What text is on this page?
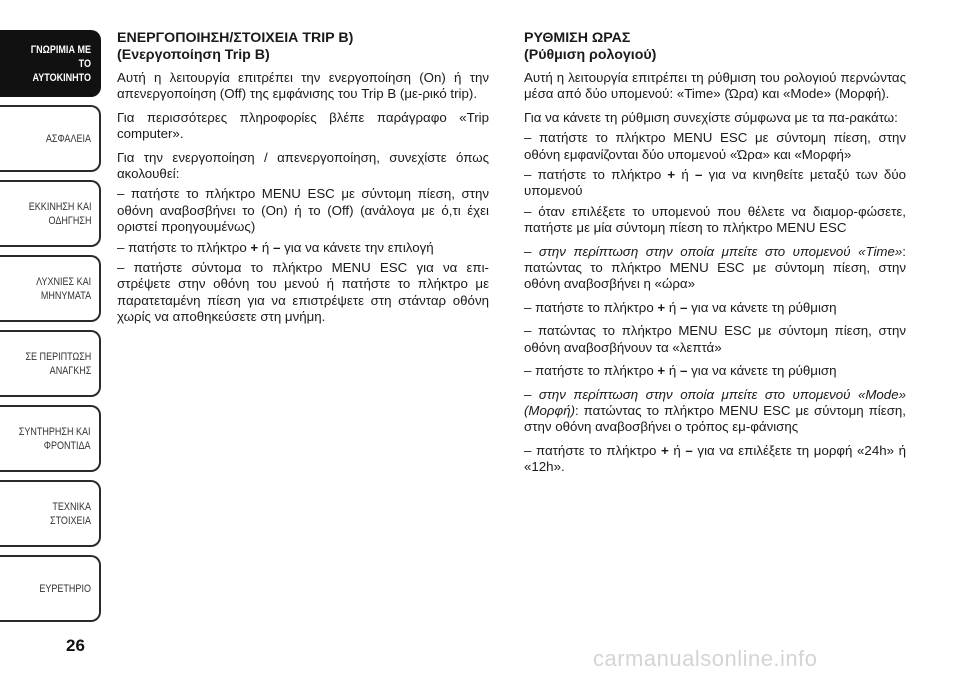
ΓΝΩΡΙΜΙΑ ΜΕ ΤΟ
ΑΥΤΟΚΙΝΗΤΟ
ΑΣΦΑΛΕΙΑ
ΕΚΚΙΝΗΣΗ ΚΑΙ
ΟΔΗΓΗΣΗ
ΛΥΧΝΙΕΣ ΚΑΙ
ΜΗΝΥΜΑΤΑ
ΣΕ ΠΕΡΙΠΤΩΣΗ
ΑΝΑΓΚΗΣ
ΣΥΝΤΗΡΗΣΗ ΚΑΙ
ΦΡΟΝΤΙΔΑ
ΤΕΧΝΙΚΑ ΣΤΟΙΧΕΙΑ
ΕΥΡΕΤΗΡΙΟ
26
ΕΝΕΡΓΟΠΟΙΗΣΗ/ΣΤΟΙΧΕΙΑ TRIP B)
(Ενεργοποίηση Trip B)

Αυτή η λειτουργία επιτρέπει την ενεργοποίηση (On) ή την απενεργοποίηση (Off) της εμφάνισης του Trip B (με-ρικό trip).

Για περισσότερες πληροφορίες βλέπε παράγραφο «Trip computer».

Για την ενεργοποίηση / απενεργοποίηση, συνεχίστε όπως ακολουθεί:

– πατήστε το πλήκτρο MENU ESC με σύντομη πίεση, στην οθόνη αναβοσβήνει το (On) ή το (Off) (ανάλογα με ό,τι έχει οριστεί προηγουμένως)

– πατήστε το πλήκτρο + ή – για να κάνετε την επιλογή

– πατήστε σύντομα το πλήκτρο MENU ESC για να επι-στρέψετε στην οθόνη του μενού ή πατήστε το πλήκτρο με παρατεταμένη πίεση για να επιστρέψετε στη στάνταρ οθόνη χωρίς να αποθηκεύσετε στη μνήμη.

ΡΥΘΜΙΣΗ ΩΡΑΣ
(Ρύθμιση ρολογιού)

Αυτή η λειτουργία επιτρέπει τη ρύθμιση του ρολογιού περνώντας μέσα από δύο υπομενού: «Time» (Ώρα) και «Mode» (Μορφή).

Για να κάνετε τη ρύθμιση συνεχίστε σύμφωνα με τα πα-ρακάτω:

– πατήστε το πλήκτρο MENU ESC με σύντομη πίεση, στην οθόνη εμφανίζονται δύο υπομενού «Ώρα» και «Μορφή»

– πατήστε το πλήκτρο + ή – για να κινηθείτε μεταξύ των δύο υπομενού

– όταν επιλέξετε το υπομενού που θέλετε να διαμορ-φώσετε, πατήστε με μία σύντομη πίεση το πλήκτρο MENU ESC

– στην περίπτωση στην οποία μπείτε στο υπομενού «Time»: πατώντας το πλήκτρο MENU ESC με σύντομη πίεση, στην οθόνη αναβοσβήνει η «ώρα»

– πατήστε το πλήκτρο + ή – για να κάνετε τη ρύθμιση

– πατώντας το πλήκτρο MENU ESC με σύντομη πίεση, στην οθόνη αναβοσβήνουν τα «λεπτά»

– πατήστε το πλήκτρο + ή – για να κάνετε τη ρύθμιση

– στην περίπτωση στην οποία μπείτε στο υπομενού «Mode» (Μορφή): πατώντας το πλήκτρο MENU ESC με σύντομη πίεση, στην οθόνη αναβοσβήνει ο τρόπος εμ-φάνισης

– πατήστε το πλήκτρο + ή – για να επιλέξετε τη μορφή «24h» ή «12h».

carmanualsonline.info
